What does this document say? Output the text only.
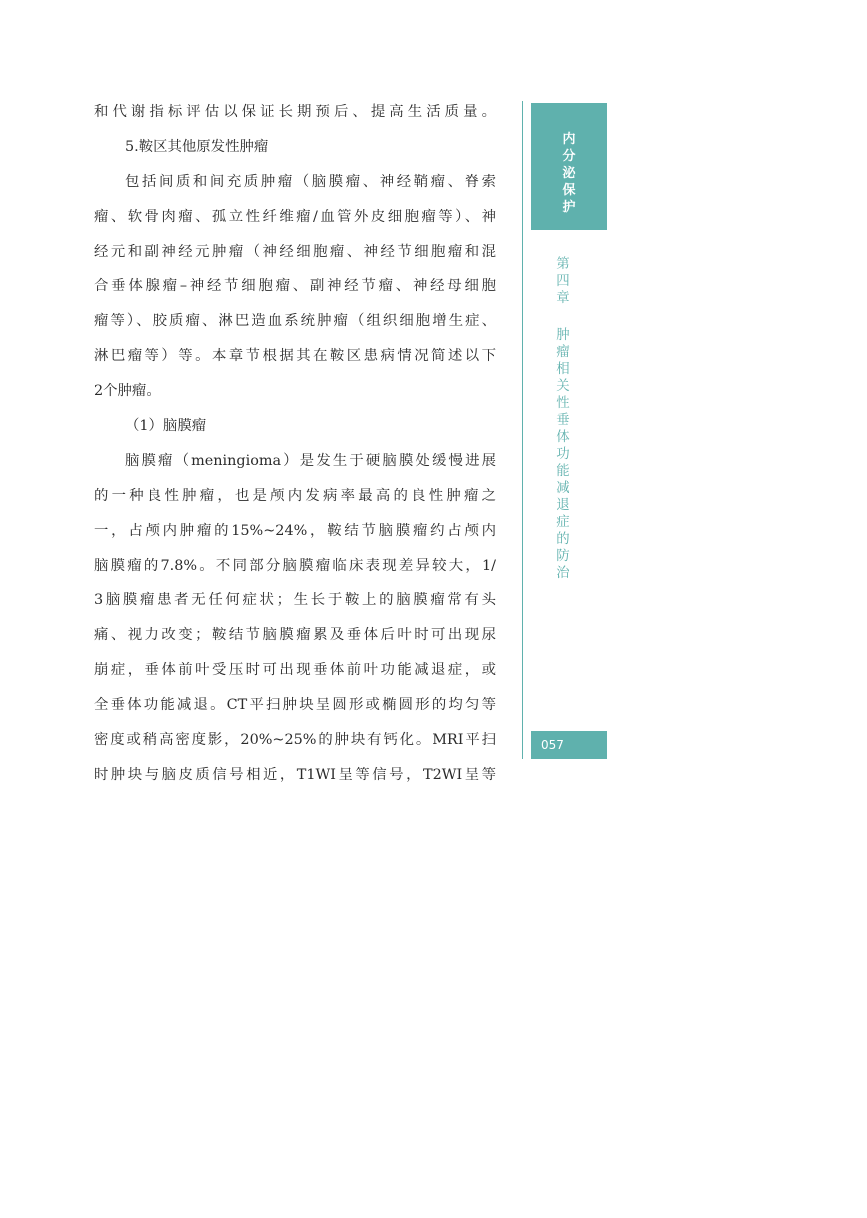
和代谢指标评估以保证长期预后、提高生活质量。
5.鞍区其他原发性肿瘤
包括间质和间充质肿瘤（脑膜瘤、神经鞘瘤、脊索
瘤、软骨肉瘤、孤立性纤维瘤/血管外皮细胞瘤等）、神
经元和副神经元肿瘤（神经细胞瘤、神经节细胞瘤和混
合垂体腺瘤–神经节细胞瘤、副神经节瘤、神经母细胞
瘤等）、胶质瘤、淋巴造血系统肿瘤（组织细胞增生症、
淋巴瘤等）等。本章节根据其在鞍区患病情况简述以下
2个肿瘤。
（1）脑膜瘤
脑膜瘤（meningioma）是发生于硬脑膜处缓慢进展
的一种良性肿瘤，也是颅内发病率最高的良性肿瘤之
一，占颅内肿瘤的15%~24%，鞍结节脑膜瘤约占颅内
脑膜瘤的7.8%。不同部分脑膜瘤临床表现差异较大，1/
3脑膜瘤患者无任何症状；生长于鞍上的脑膜瘤常有头
痛、视力改变；鞍结节脑膜瘤累及垂体后叶时可出现尿
崩症，垂体前叶受压时可出现垂体前叶功能减退症，或
全垂体功能减退。CT平扫肿块呈圆形或椭圆形的均匀等
密度或稍高密度影，20%~25%的肿块有钙化。MRI平扫
时肿块与脑皮质信号相近，T1WI呈等信号，T2WI呈等
内分泌保护
第四章
肿瘤相关性垂体功能减退症的防治
057
